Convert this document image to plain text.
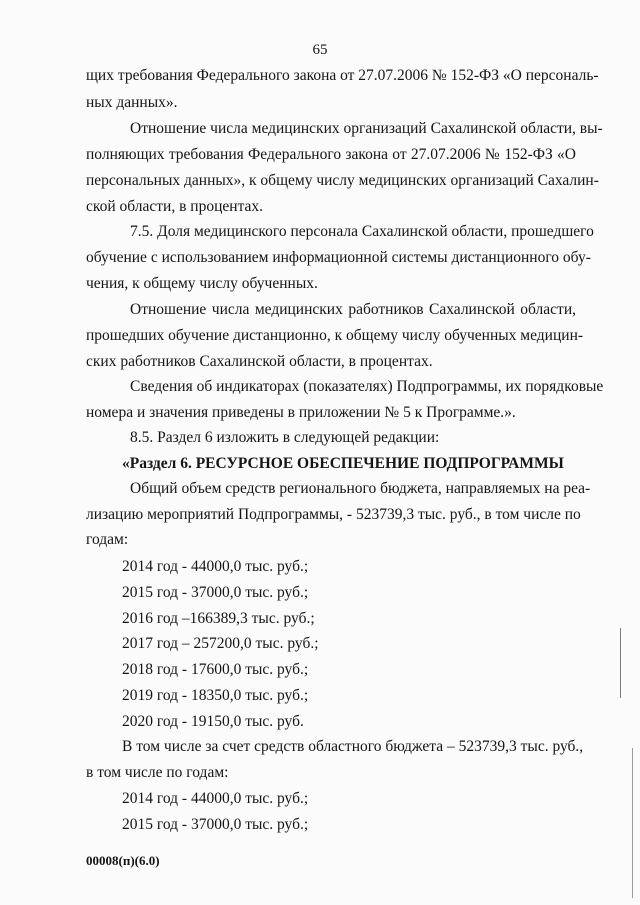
65
щих требования Федерального закона от 27.07.2006 № 152-ФЗ «О персональ-
ных данных».
Отношение числа медицинских организаций Сахалинской области, вы-
полняющих требования Федерального закона от 27.07.2006 № 152-ФЗ «О
персональных данных», к общему числу медицинских организаций Сахалин-
ской области, в процентах.
7.5. Доля медицинского персонала Сахалинской области, прошедшего
обучение с использованием информационной системы дистанционного обу-
чения, к общему числу обученных.
Отношение числа медицинских работников Сахалинской области,
прошедших обучение дистанционно, к общему числу обученных медицин-
ских работников Сахалинской области, в процентах.
Сведения об индикаторах (показателях) Подпрограммы, их порядковые
номера и значения приведены в приложении № 5 к Программе.».
8.5. Раздел 6 изложить в следующей редакции:
«Раздел 6. РЕСУРСНОЕ ОБЕСПЕЧЕНИЕ ПОДПРОГРАММЫ
Общий объем средств регионального бюджета, направляемых на реа-
лизацию мероприятий Подпрограммы, - 523739,3 тыс. руб., в том числе по
годам:
2014 год - 44000,0 тыс. руб.;
2015 год - 37000,0 тыс. руб.;
2016 год –166389,3 тыс. руб.;
2017 год – 257200,0 тыс. руб.;
2018 год - 17600,0 тыс. руб.;
2019 год - 18350,0 тыс. руб.;
2020 год - 19150,0 тыс. руб.
В том числе за счет средств областного бюджета – 523739,3 тыс. руб.,
в том числе по годам:
2014 год - 44000,0 тыс. руб.;
2015 год - 37000,0 тыс. руб.;
00008(п)(6.0)
